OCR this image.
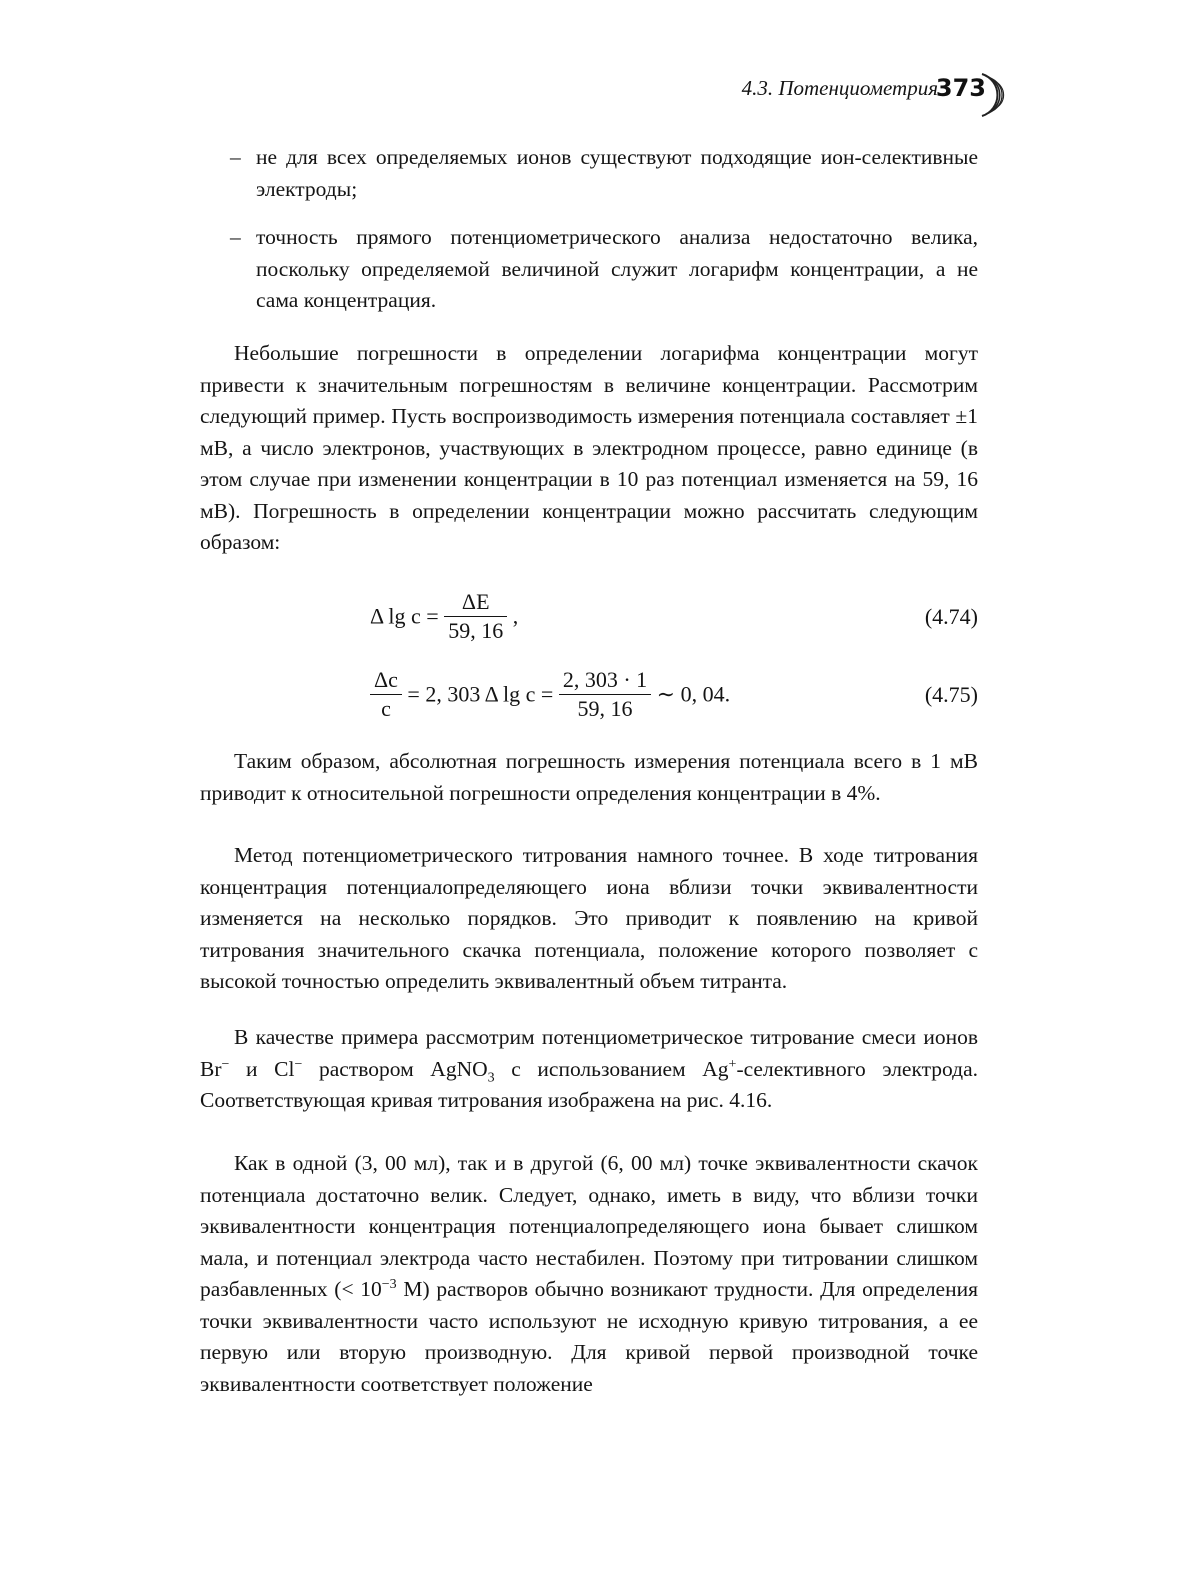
4.3. Потенциометрия
373
– не для всех определяемых ионов существуют подходящие ион-селективные электроды;
– точность прямого потенциометрического анализа недостаточно велика, поскольку определяемой величиной служит логарифм концентрации, а не сама концентрация.

Небольшие погрешности в определении логарифма концентрации могут привести к значительным погрешностям в величине концентрации. Рассмотрим следующий пример. Пусть воспроизводимость измерения потенциала составляет ±1 мВ, а число электронов, участвующих в электродном процессе, равно единице (в этом случае при изменении концентрации в 10 раз потенциал изменяется на 59, 16 мВ). Погрешность в определении концентрации можно рассчитать следующим образом:

Δ $\lg c = \frac{\Delta E}{59, 16}$ ,	(4.74)
$\frac{\Delta c}{c} = 2$, 303 Δ $\lg c = \frac{2, 303 \cdot 1}{59, 16}$ ∼ 0, 04.	(4.75)

Таким образом, абсолютная погрешность измерения потенциала всего в 1 мВ приводит к относительной погрешности определения концентрации в 4%.

Метод потенциометрического титрования намного точнее. В ходе титрования концентрация потенциалопределяющего иона вблизи точки эквивалентности изменяется на несколько порядков. Это приводит к появлению на кривой титрования значительного скачка потенциала, положение которого позволяет с высокой точностью определить эквивалентный объем титранта.

В качестве примера рассмотрим потенциометрическое титрование смеси ионов Br− и Cl− раствором AgNO$_3$ с использованием Ag+-селективного электрода. Соответствующая кривая титрования изображена на рис. 4.16.

Как в одной (3, 00 мл), так и в другой (6, 00 мл) точке эквивалентности скачок потенциала достаточно велик. Следует, однако, иметь в виду, что вблизи точки эквивалентности концентрация потенциалопределяющего иона бывает слишком мала, и потенциал электрода часто нестабилен. Поэтому при титровании слишком разбавленных (< $10^{-3}$ M) растворов обычно возникают трудности. Для определения точки эквивалентности часто используют не исходную кривую титрования, а ее первую или вторую производную. Для кривой первой производной точке эквивалентности соответствует положение
